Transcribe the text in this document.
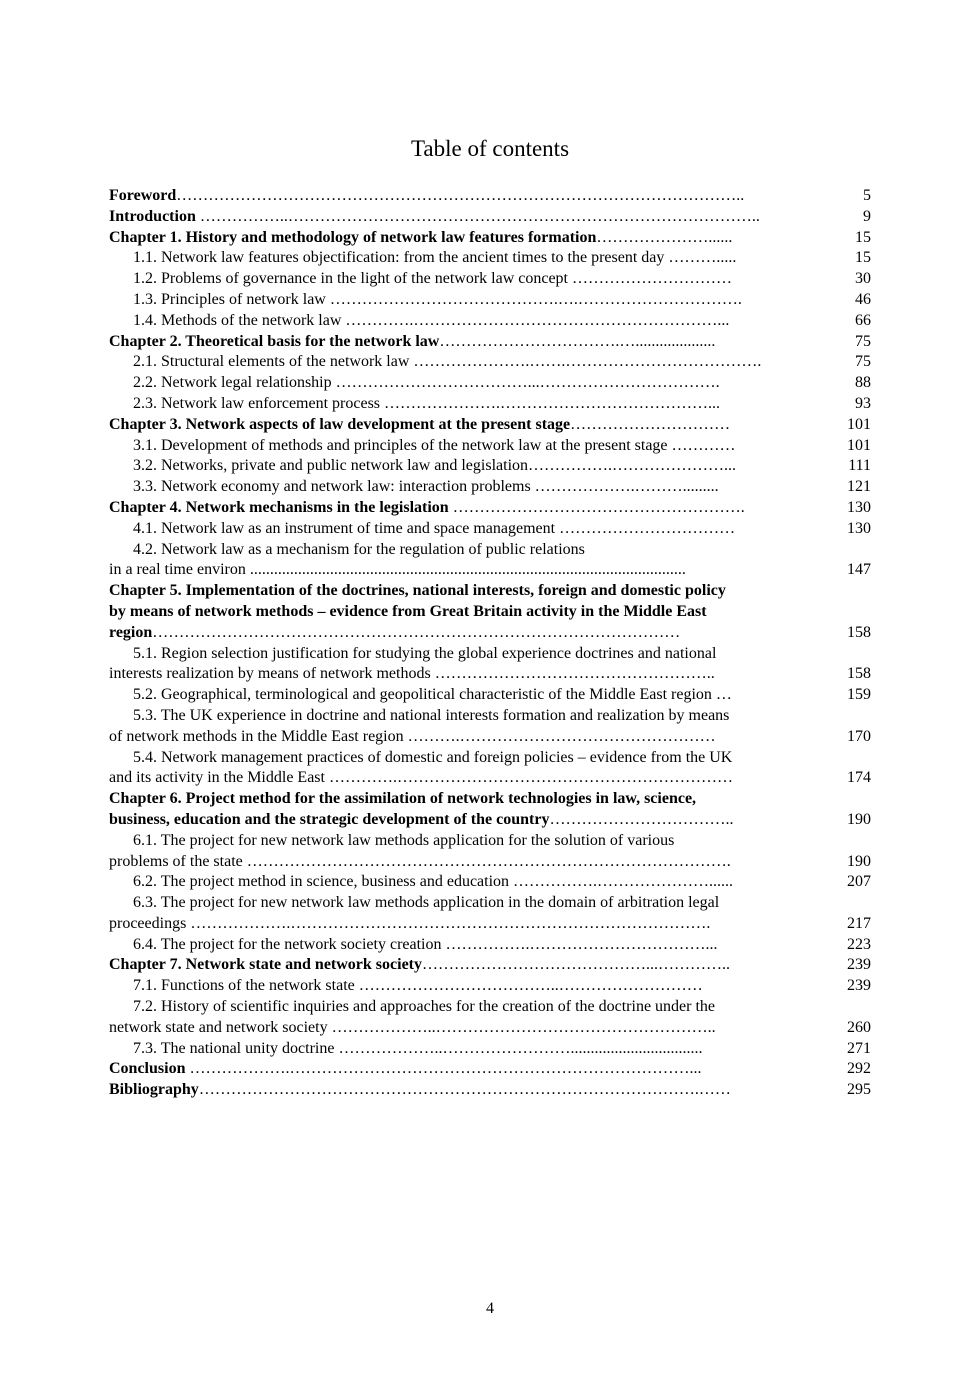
Table of contents
Foreword……………………………………………………………………………………………..	5
Introduction ……………..……………………………………………………………………………..	9
Chapter 1. History and methodology of network law features formation…………………......	15
1.1. Network law features objectification: from the ancient times to the present day ……….....	15
1.2. Problems of governance in the light of the network law concept …………………………	30
1.3. Principles of network law …………………………………….….………………………….	46
1.4. Methods of the network law ………….…………………………………………………...	66
Chapter 2. Theoretical basis for the network law…………………………….…....................	75
2.1. Structural elements of the network law ………………….…….……………………………….	75
2.2. Network legal relationship ………………………………...…………………………….	88
2.3. Network law enforcement process ………………….…………………………………...	93
Chapter 3. Network aspects of law development at the present stage…………………………	101
3.1. Development of methods and principles of the network law at the present stage …………	101
3.2. Networks, private and public network law and legislation…………….…………………...	111
3.3. Network economy and network law: interaction problems ……………….……….........	121
Chapter 4. Network mechanisms in the legislation ……………………………………………….	130
4.1. Network law as an instrument of time and space management ……………………………	130
4.2. Network law as a mechanism for the regulation of public relations
in a real time environ .............................................................................................................	147
Chapter 5. Implementation of the doctrines, national interests, foreign and domestic policy
by means of network methods – evidence from Great Britain activity in the Middle East
region………………………………………………………………………………………	158
5.1. Region selection justification for studying the global experience doctrines and national
interests realization by means of network methods ……………………………………………..	158
5.2. Geographical, terminological and geopolitical characteristic of the Middle East region …	159
5.3. The UK experience in doctrine and national interests formation and realization by means
of network methods in the Middle East region ……….…………………………………………	170
5.4. Network management practices of domestic and foreign policies – evidence from the UK
and its activity in the Middle East ………….………………………………………………………	174
Chapter 6. Project method for the assimilation of network technologies in law, science,
business, education and the strategic development of the country……………………………..	190
6.1. The project for new network law methods application for the solution of various
problems of the state ……………………………………………………………………………….	190
6.2. The project method in science, business and education …………….…………………......	207
6.3. The project for new network law methods application in the domain of arbitration legal
proceedings ……………….…………………………………………………………………….	217
6.4. The project for the network society creation …………….……………………………...	223
Chapter 7. Network state and network society……………………………………...…………..	239
7.1. Functions of the network state ………………………………..………………………	239
7.2. History of scientific inquiries and approaches for the creation of the doctrine under the
network state and network society ………………..……………………………………………..	260
7.3. The national unity doctrine ………………..…………………….................................	271
Conclusion ……………….…………………………………………………………………...	292
Bibliography………………………………………………………………………………….……	295
4
